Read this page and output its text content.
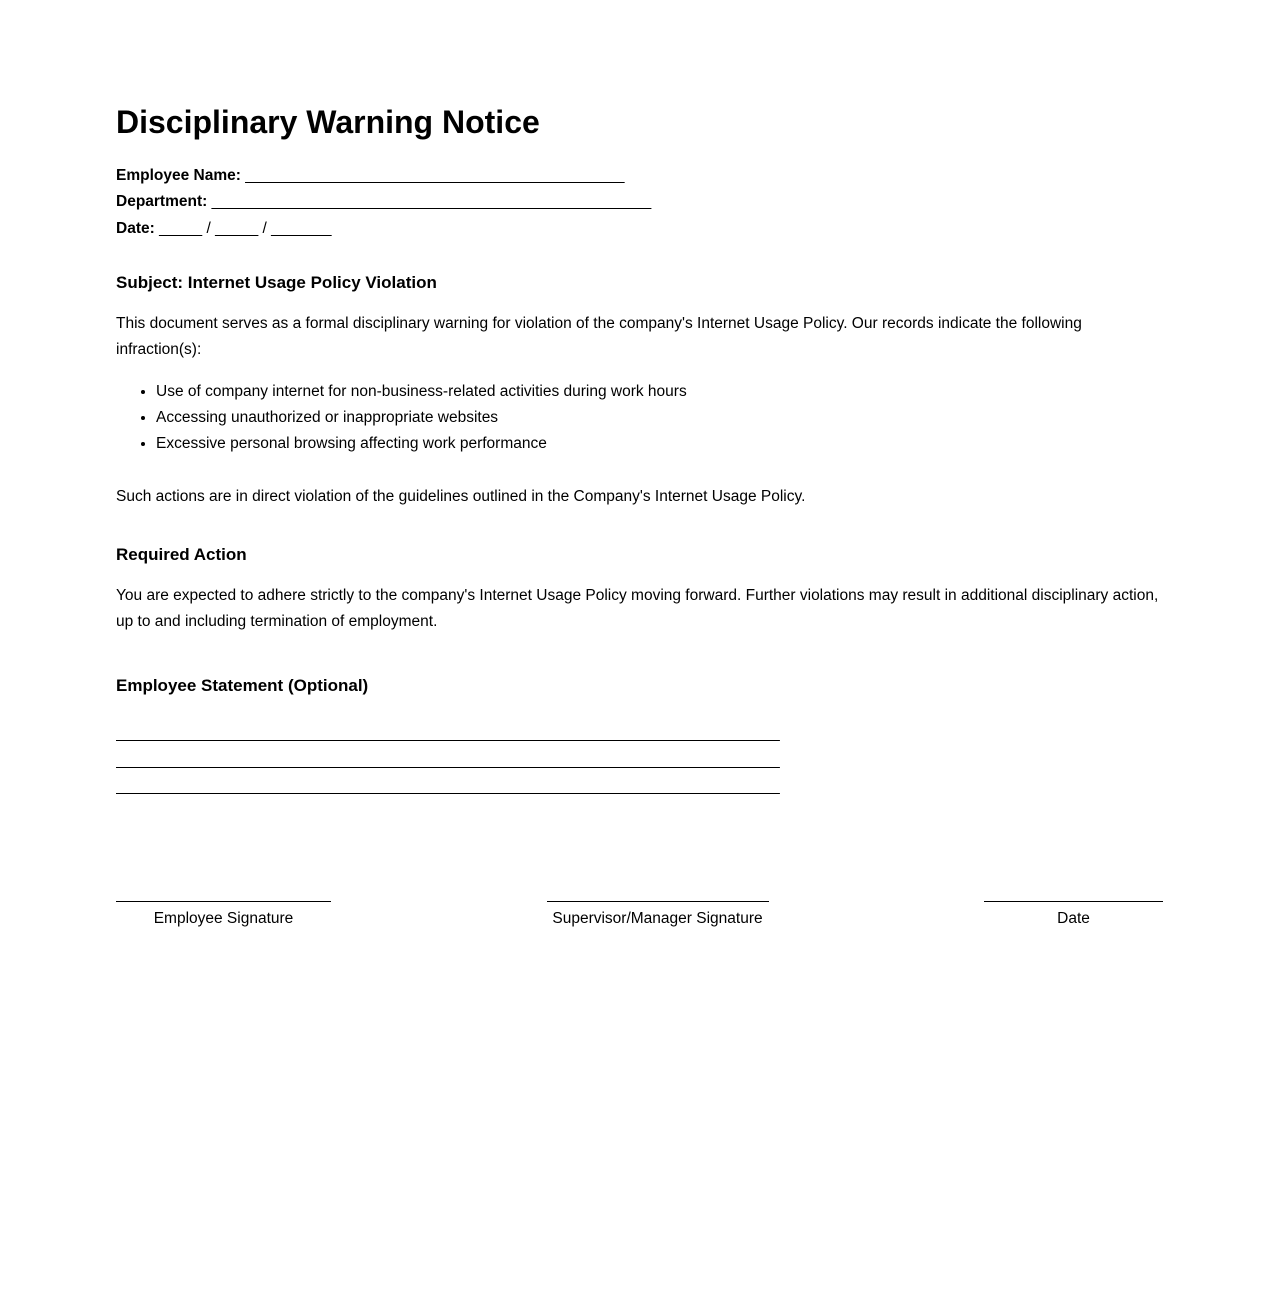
Disciplinary Warning Notice
Employee Name: ____________________________________________
Department: ___________________________________________________
Date: _____ / _____ / _______
Subject: Internet Usage Policy Violation

This document serves as a formal disciplinary warning for violation of the company's Internet Usage Policy. Our records indicate the following infraction(s):

• Use of company internet for non-business-related activities during work hours
• Accessing unauthorized or inappropriate websites
• Excessive personal browsing affecting work performance

Such actions are in direct violation of the guidelines outlined in the Company's Internet Usage Policy.

Required Action

You are expected to adhere strictly to the company's Internet Usage Policy moving forward. Further violations may result in additional disciplinary action, up to and including termination of employment.

Employee Statement (Optional)
_____________________________________________________________________________
_____________________________________________________________________________
_____________________________________________________________________________
Employee Signature	Supervisor/Manager Signature	Date
